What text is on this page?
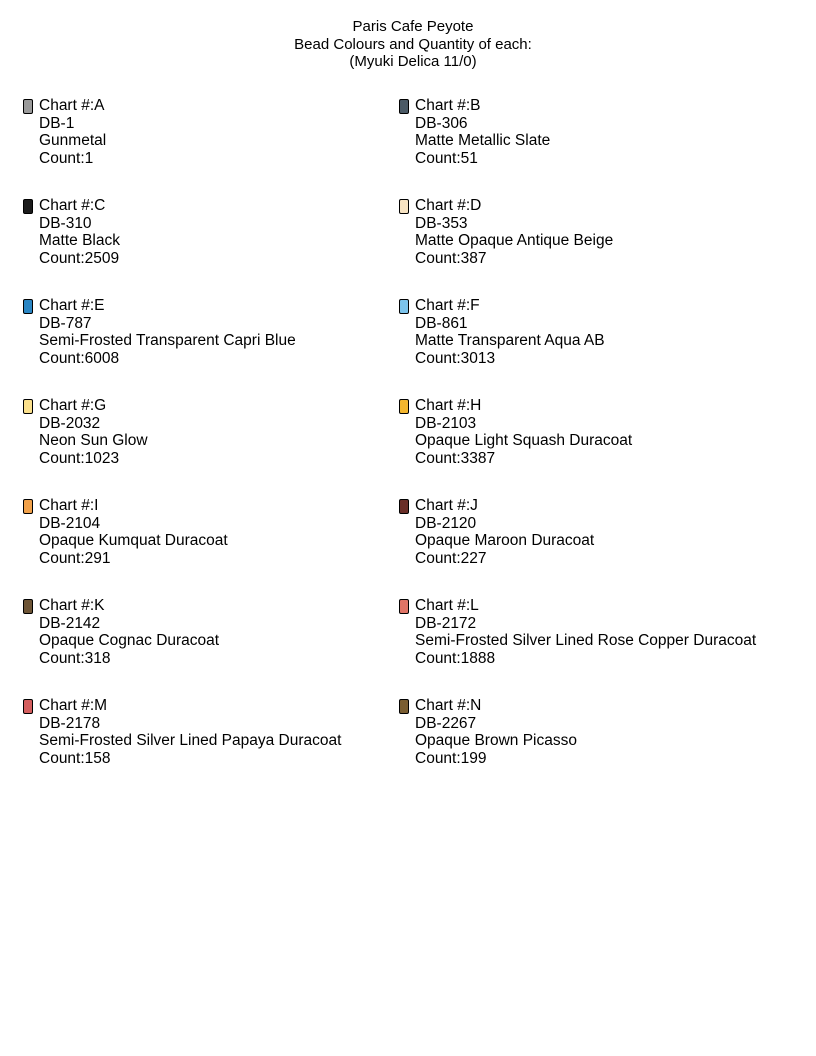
Paris Cafe Peyote
Bead Colours and Quantity of each:
(Myuki Delica 11/0)
Chart #:A
DB-1
Gunmetal
Count:1
Chart #:B
DB-306
Matte Metallic Slate
Count:51
Chart #:C
DB-310
Matte Black
Count:2509
Chart #:D
DB-353
Matte Opaque Antique Beige
Count:387
Chart #:E
DB-787
Semi-Frosted Transparent Capri Blue
Count:6008
Chart #:F
DB-861
Matte Transparent Aqua AB
Count:3013
Chart #:G
DB-2032
Neon Sun Glow
Count:1023
Chart #:H
DB-2103
Opaque Light Squash Duracoat
Count:3387
Chart #:I
DB-2104
Opaque Kumquat Duracoat
Count:291
Chart #:J
DB-2120
Opaque Maroon Duracoat
Count:227
Chart #:K
DB-2142
Opaque Cognac Duracoat
Count:318
Chart #:L
DB-2172
Semi-Frosted Silver Lined Rose Copper Duracoat
Count:1888
Chart #:M
DB-2178
Semi-Frosted Silver Lined Papaya Duracoat
Count:158
Chart #:N
DB-2267
Opaque Brown Picasso
Count:199
